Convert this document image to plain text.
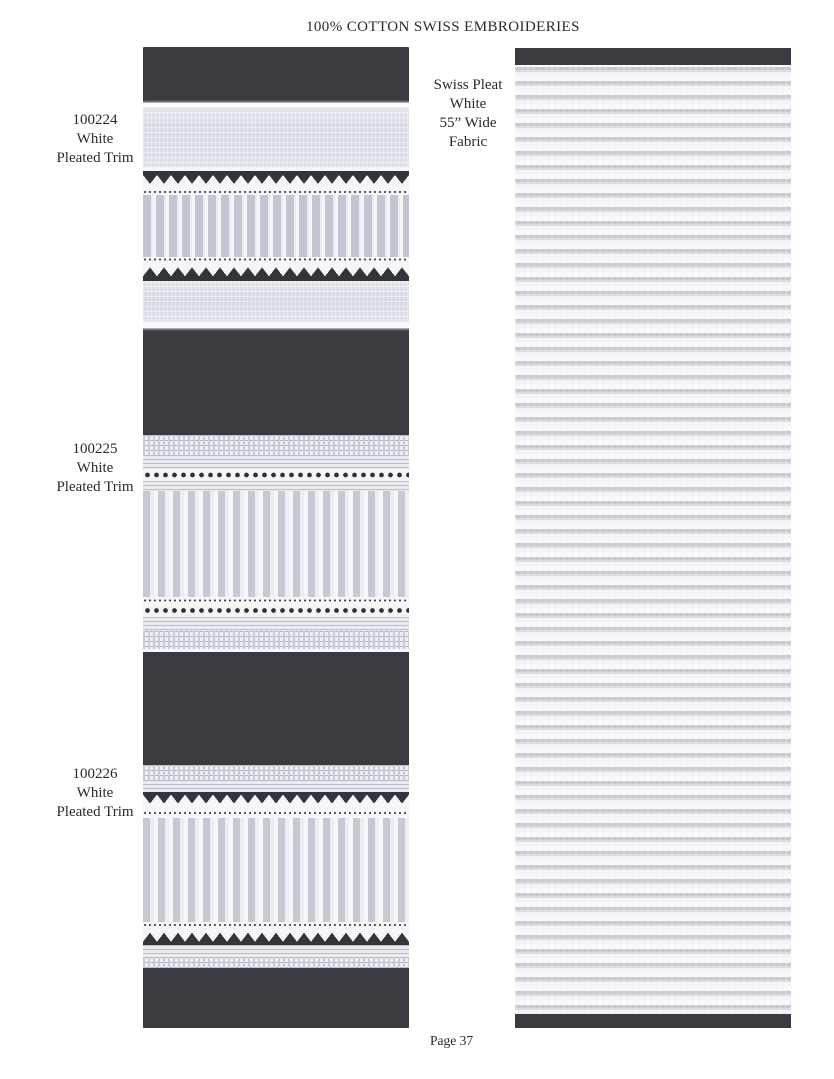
100% COTTON SWISS EMBROIDERIES
100224
White
Pleated Trim
100225
White
Pleated Trim
100226
White
Pleated Trim
Swiss Pleat
White
55” Wide
Fabric
Page 37
